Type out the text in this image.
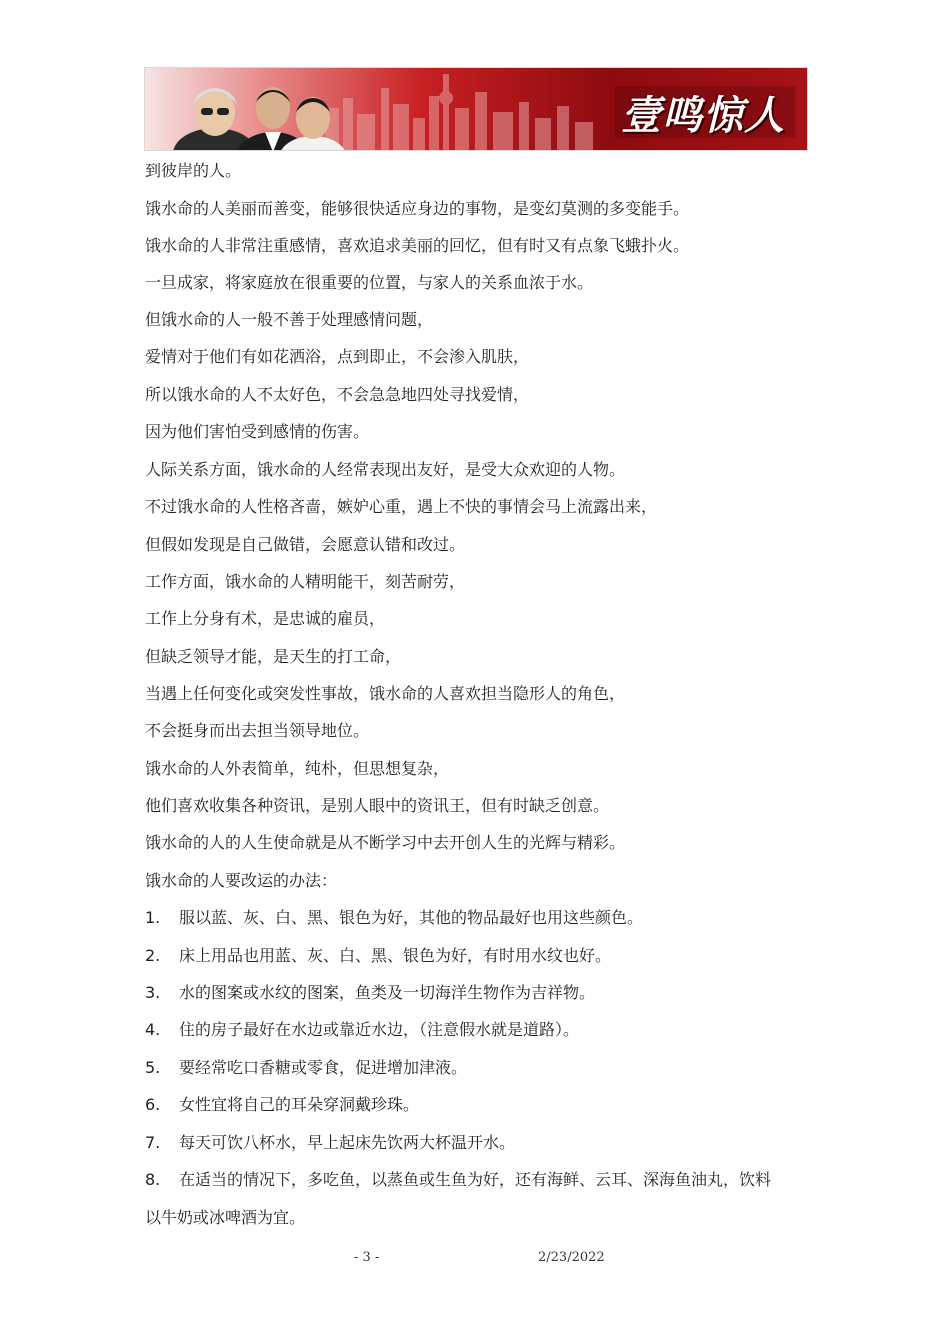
壹鸣惊人
到彼岸的人。
饿水命的人美丽而善变，能够很快适应身边的事物，是变幻莫测的多变能手。
饿水命的人非常注重感情，喜欢追求美丽的回忆，但有时又有点象飞蛾扑火。
一旦成家，将家庭放在很重要的位置，与家人的关系血浓于水。
但饿水命的人一般不善于处理感情问题，
爱情对于他们有如花洒浴，点到即止，不会渗入肌肤，
所以饿水命的人不太好色，不会急急地四处寻找爱情，
因为他们害怕受到感情的伤害。
人际关系方面，饿水命的人经常表现出友好，是受大众欢迎的人物。
不过饿水命的人性格吝啬，嫉妒心重，遇上不快的事情会马上流露出来，
但假如发现是自己做错，会愿意认错和改过。
工作方面，饿水命的人精明能干，刻苦耐劳，
工作上分身有术，是忠诚的雇员，
但缺乏领导才能，是天生的打工命，
当遇上任何变化或突发性事故，饿水命的人喜欢担当隐形人的角色，
不会挺身而出去担当领导地位。
饿水命的人外表简单，纯朴，但思想复杂，
他们喜欢收集各种资讯，是别人眼中的资讯王，但有时缺乏创意。
饿水命的人的人生使命就是从不断学习中去开创人生的光辉与精彩。
饿水命的人要改运的办法：
1. 服以蓝、灰、白、黑、银色为好，其他的物品最好也用这些颜色。
2. 床上用品也用蓝、灰、白、黑、银色为好，有时用水纹也好。
3. 水的图案或水纹的图案，鱼类及一切海洋生物作为吉祥物。
4. 住的房子最好在水边或靠近水边，（注意假水就是道路）。
5. 要经常吃口香糖或零食，促进增加津液。
6. 女性宜将自己的耳朵穿洞戴珍珠。
7. 每天可饮八杯水，早上起床先饮两大杯温开水。
8. 在适当的情况下，多吃鱼，以蒸鱼或生鱼为好，还有海鲜、云耳、深海鱼油丸，饮料
以牛奶或冰啤酒为宜。
- 3 -	2/23/2022
